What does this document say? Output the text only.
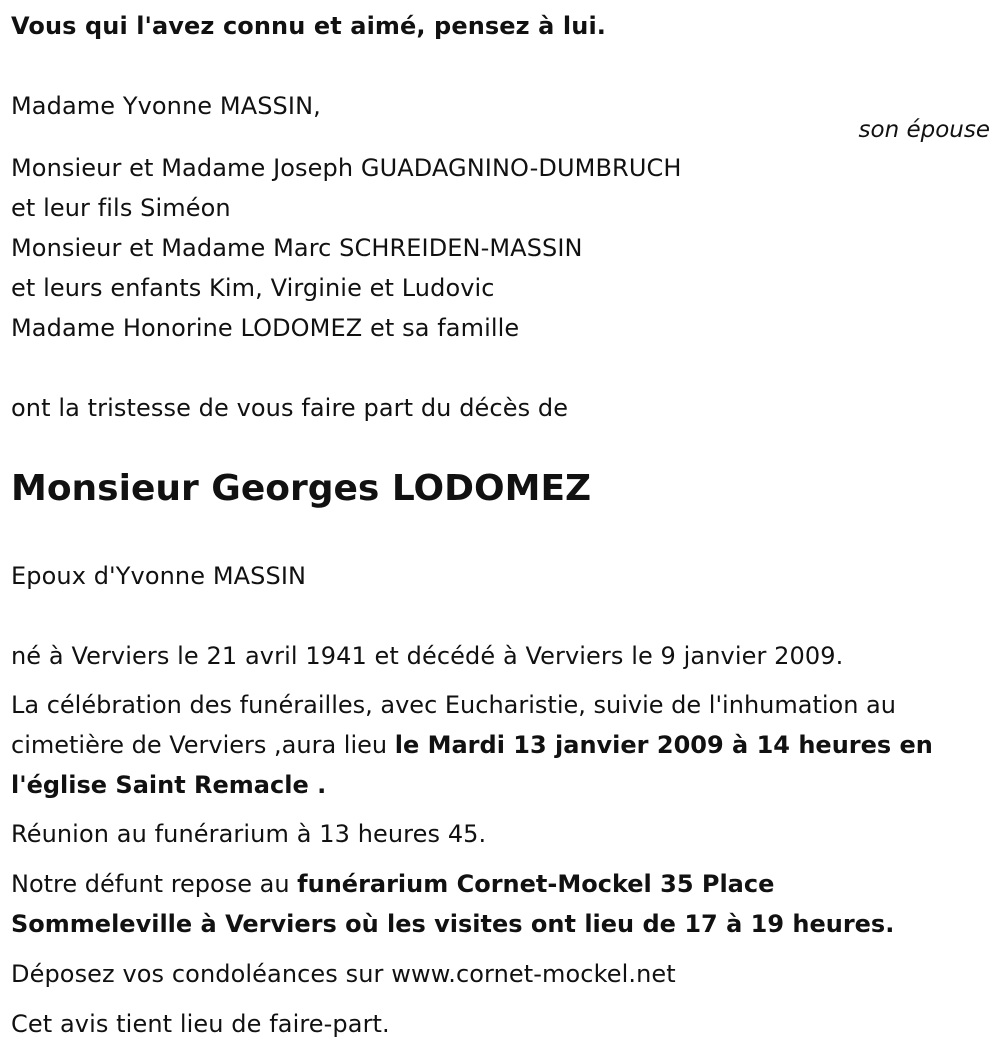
Vous qui l'avez connu et aimé, pensez à lui.
Madame Yvonne MASSIN,
son épouse
Monsieur et Madame Joseph GUADAGNINO-DUMBRUCH
et leur fils Siméon
Monsieur et Madame Marc SCHREIDEN-MASSIN
et leurs enfants Kim, Virginie et Ludovic
Madame Honorine LODOMEZ et sa famille
ont la tristesse de vous faire part du décès de
Monsieur Georges LODOMEZ
Epoux d'Yvonne MASSIN
né à Verviers le 21 avril 1941 et décédé à Verviers le 9 janvier 2009.
La célébration des funérailles, avec Eucharistie, suivie de l'inhumation au cimetière de Verviers ,aura lieu le Mardi 13 janvier 2009 à 14 heures en l'église Saint Remacle .
Réunion au funérarium à 13 heures 45.
Notre défunt repose au funérarium Cornet-Mockel 35 Place Sommeleville à Verviers où les visites ont lieu de 17 à 19 heures.
Déposez vos condoléances sur www.cornet-mockel.net
Cet avis tient lieu de faire-part.
